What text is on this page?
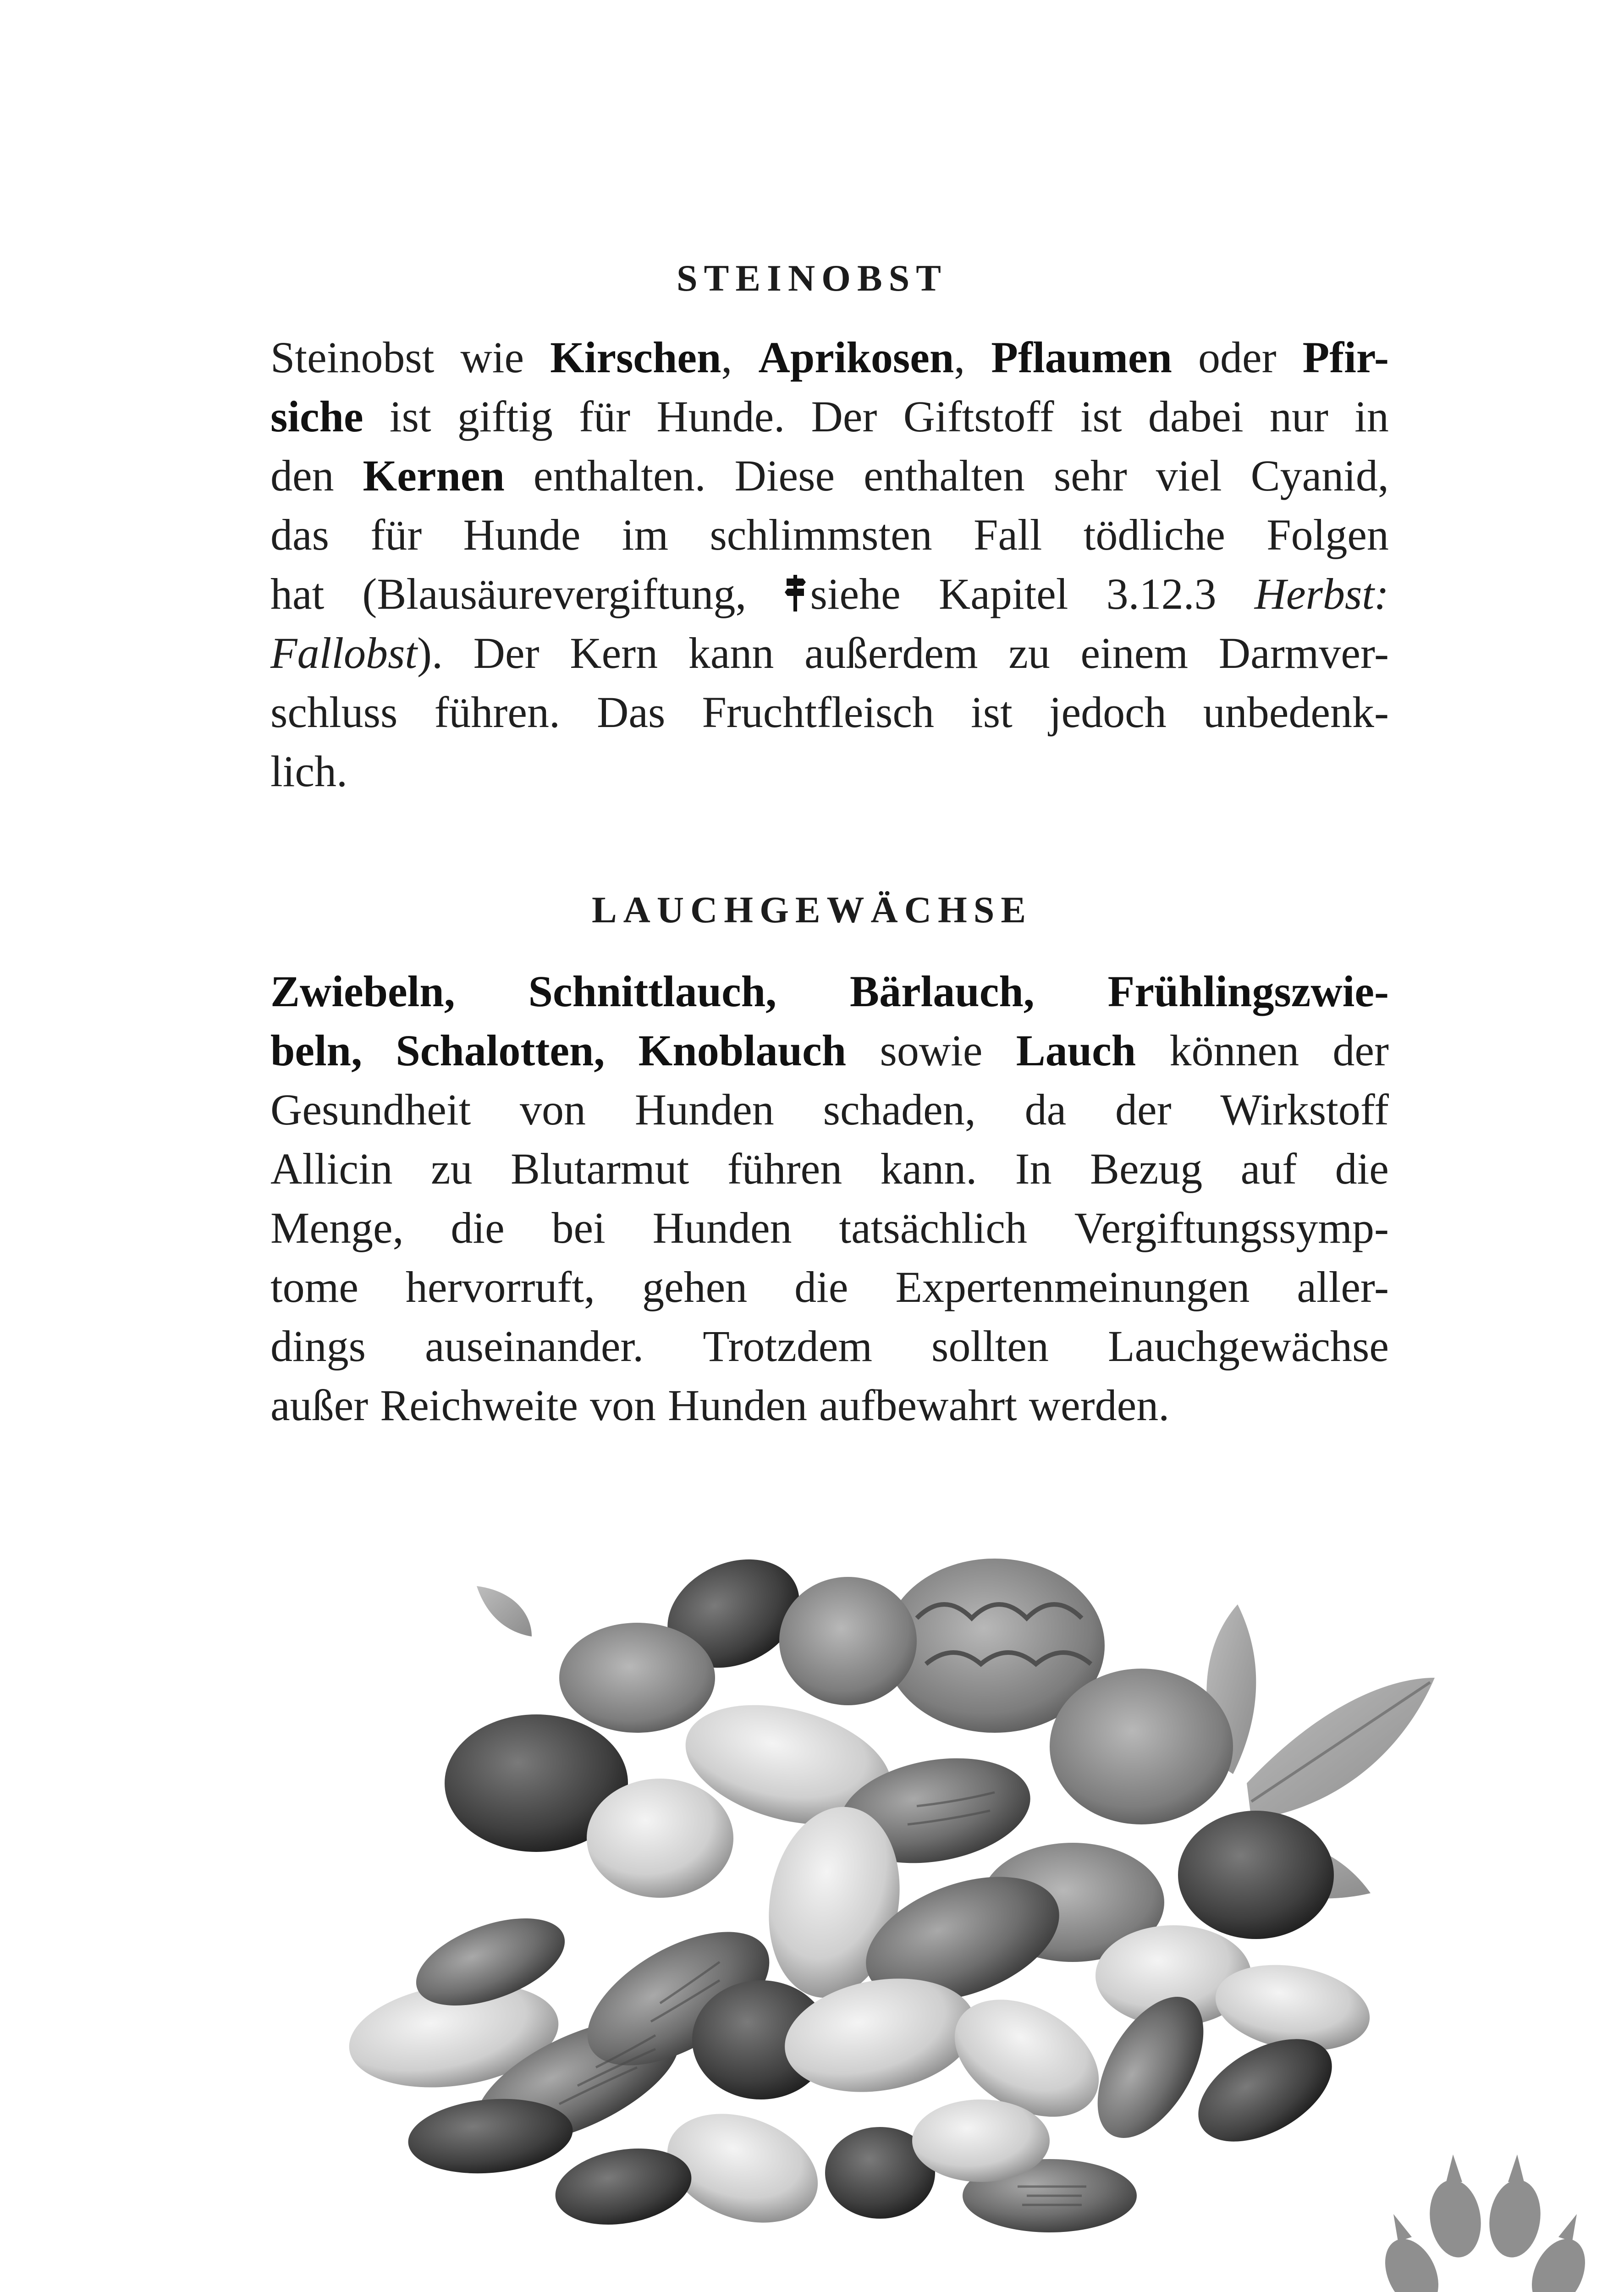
STEINOBST
Steinobst wie Kirschen, Aprikosen, Pflaumen oder Pfir-
siche ist giftig für Hunde. Der Giftstoff ist dabei nur in
den Kernen enthalten. Diese enthalten sehr viel Cyanid,
das für Hunde im schlimmsten Fall tödliche Folgen
hat (Blausäurevergiftung,	siehe Kapitel 3.12.3 Herbst:
Fallobst). Der Kern kann außerdem zu einem Darmver-
schluss führen. Das Fruchtfleisch ist jedoch unbedenk-
lich.
LAUCHGEWÄCHSE
Zwiebeln, Schnittlauch, Bärlauch, Frühlingszwie-
beln, Schalotten, Knoblauch sowie Lauch können der
Gesundheit von Hunden schaden, da der Wirkstoff
Allicin zu Blutarmut führen kann. In Bezug auf die
Menge, die bei Hunden tatsächlich Vergiftungssymp-
tome hervorruft, gehen die Expertenmeinungen aller-
dings auseinander. Trotzdem sollten Lauchgewächse
außer Reichweite von Hunden aufbewahrt werden.
